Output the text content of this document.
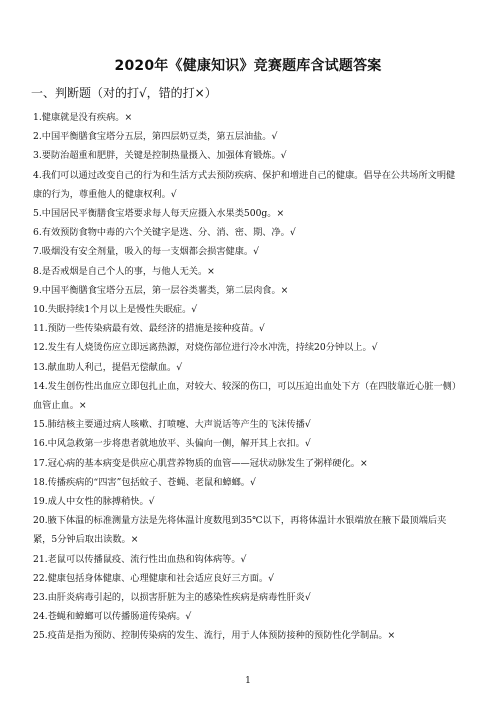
2020年《健康知识》竞赛题库含试题答案
一、判断题（对的打√，错的打×）

1.健康就是没有疾病。×

2.中国平衡膳食宝塔分五层，第四层奶豆类，第五层油盐。√

3.要防治超重和肥胖，关键是控制热量摄入、加强体育锻炼。√

4.我们可以通过改变自己的行为和生活方式去预防疾病、保护和增进自己的健康。倡导在公共场所文明健康的行为，尊重他人的健康权利。√

5.中国居民平衡膳食宝塔要求每人每天应摄入水果类500g。×

6.有效预防食物中毒的六个关键字是选、分、消、密、期、净。√

7.吸烟没有安全剂量，吸入的每一支烟都会损害健康。√

8.是否戒烟是自己个人的事，与他人无关。×

9.中国平衡膳食宝塔分五层，第一层谷类薯类，第二层肉食。×

10.失眠持续1个月以上是慢性失眠症。√

11.预防一些传染病最有效、最经济的措施是接种疫苗。√

12.发生有人烧烫伤应立即远离热源，对烧伤部位进行冷水冲洗，持续20分钟以上。√

13.献血助人利己，提倡无偿献血。√

14.发生创伤性出血应立即包扎止血，对较大、较深的伤口，可以压迫出血处下方（在四肢靠近心脏一侧）血管止血。×

15.肺结核主要通过病人咳嗽、打喷嚏、大声说话等产生的飞沫传播√

16.中风急救第一步将患者就地放平、头偏向一侧，解开其上衣扣。√

17.冠心病的基本病变是供应心肌营养物质的血管——冠状动脉发生了粥样硬化。×

18.传播疾病的“四害”包括蚊子、苍蝇、老鼠和蟑螂。√

19.成人中女性的脉搏稍快。√

20.腋下体温的标准测量方法是先将体温计度数甩到35℃以下，再将体温计水银端放在腋下最顶端后夹紧，5分钟后取出读数。×

21.老鼠可以传播鼠疫、流行性出血热和钩体病等。√

22.健康包括身体健康、心理健康和社会适应良好三方面。√

23.由肝炎病毒引起的，以损害肝脏为主的感染性疾病是病毒性肝炎√

24.苍蝇和蟑螂可以传播肠道传染病。√

25.疫苗是指为预防、控制传染病的发生、流行，用于人体预防接种的预防性化学制品。×

1
